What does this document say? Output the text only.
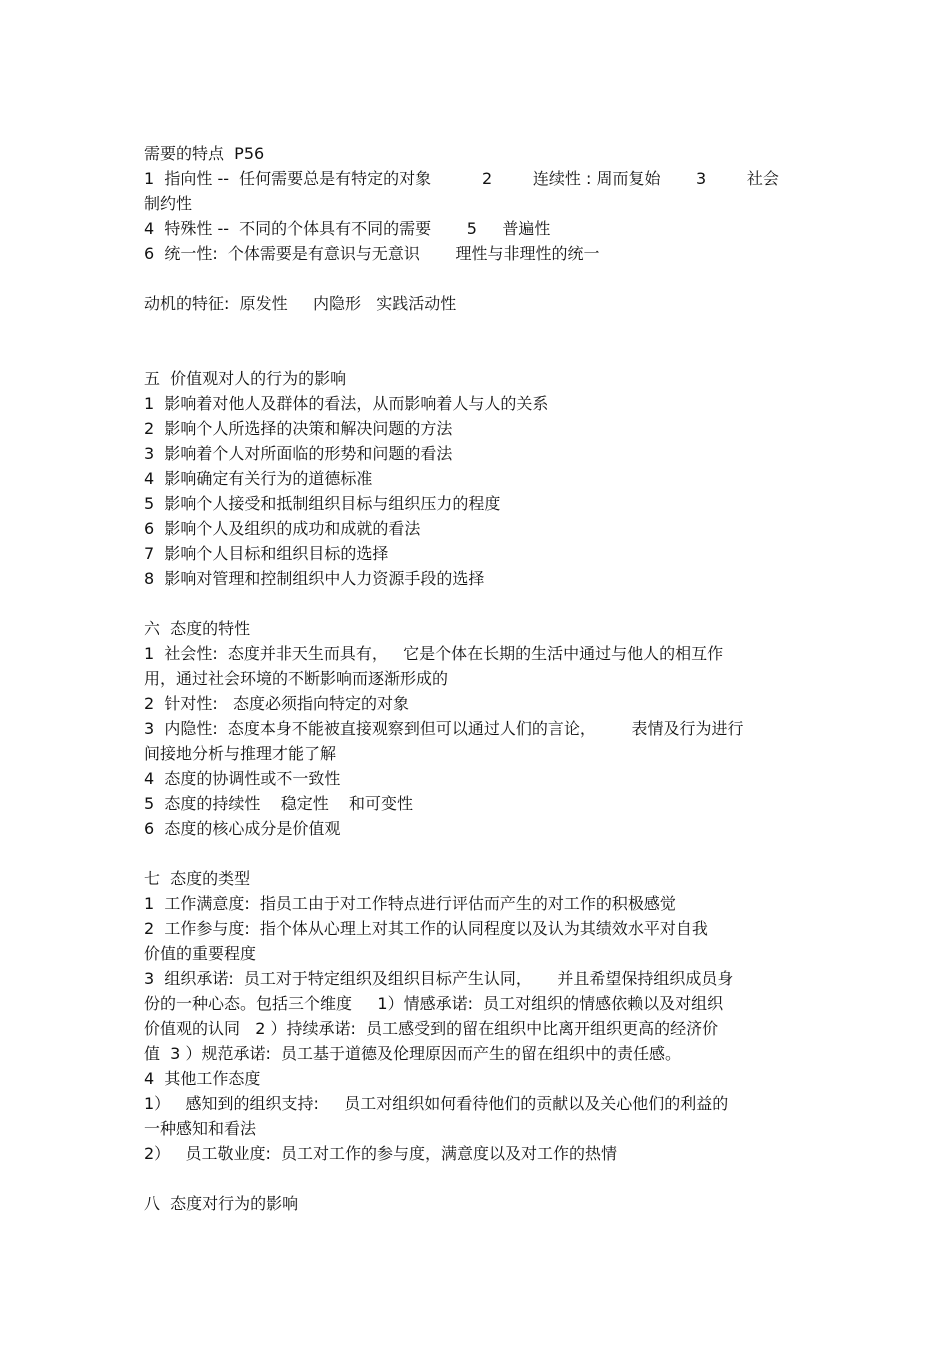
需要的特点  P56
1  指向性 --  任何需要总是有特定的对象          2        连续性 : 周而复始       3        社会
制约性
4  特殊性 --  不同的个体具有不同的需要       5     普遍性
6  统一性:  个体需要是有意识与无意识       理性与非理性的统一
动机的特征:  原发性     内隐形   实践活动性
五  价值观对人的行为的影响
1  影响着对他人及群体的看法，从而影响着人与人的关系
2  影响个人所选择的决策和解决问题的方法
3  影响着个人对所面临的形势和问题的看法
4  影响确定有关行为的道德标准
5  影响个人接受和抵制组织目标与组织压力的程度
6  影响个人及组织的成功和成就的看法
7  影响个人目标和组织目标的选择
8  影响对管理和控制组织中人力资源手段的选择
六  态度的特性
1  社会性:  态度并非天生而具有，   它是个体在长期的生活中通过与他人的相互作
用，通过社会环境的不断影响而逐渐形成的
2  针对性:   态度必须指向特定的对象
3  内隐性:  态度本身不能被直接观察到但可以通过人们的言论，       表情及行为进行
间接地分析与推理才能了解
4  态度的协调性或不一致性
5  态度的持续性    稳定性    和可变性
6  态度的核心成分是价值观
七  态度的类型
1  工作满意度:  指员工由于对工作特点进行评估而产生的对工作的积极感觉
2  工作参与度:  指个体从心理上对其工作的认同程度以及认为其绩效水平对自我
价值的重要程度
3  组织承诺:  员工对于特定组织及组织目标产生认同，     并且希望保持组织成员身
份的一种心态。包括三个维度     1）情感承诺:  员工对组织的情感依赖以及对组织
价值观的认同   2 ）持续承诺:  员工感受到的留在组织中比离开组织更高的经济价
值  3 ）规范承诺:  员工基于道德及伦理原因而产生的留在组织中的责任感。
4  其他工作态度
1）   感知到的组织支持:     员工对组织如何看待他们的贡献以及关心他们的利益的
一种感知和看法
2）   员工敬业度:  员工对工作的参与度，满意度以及对工作的热情
八  态度对行为的影响
